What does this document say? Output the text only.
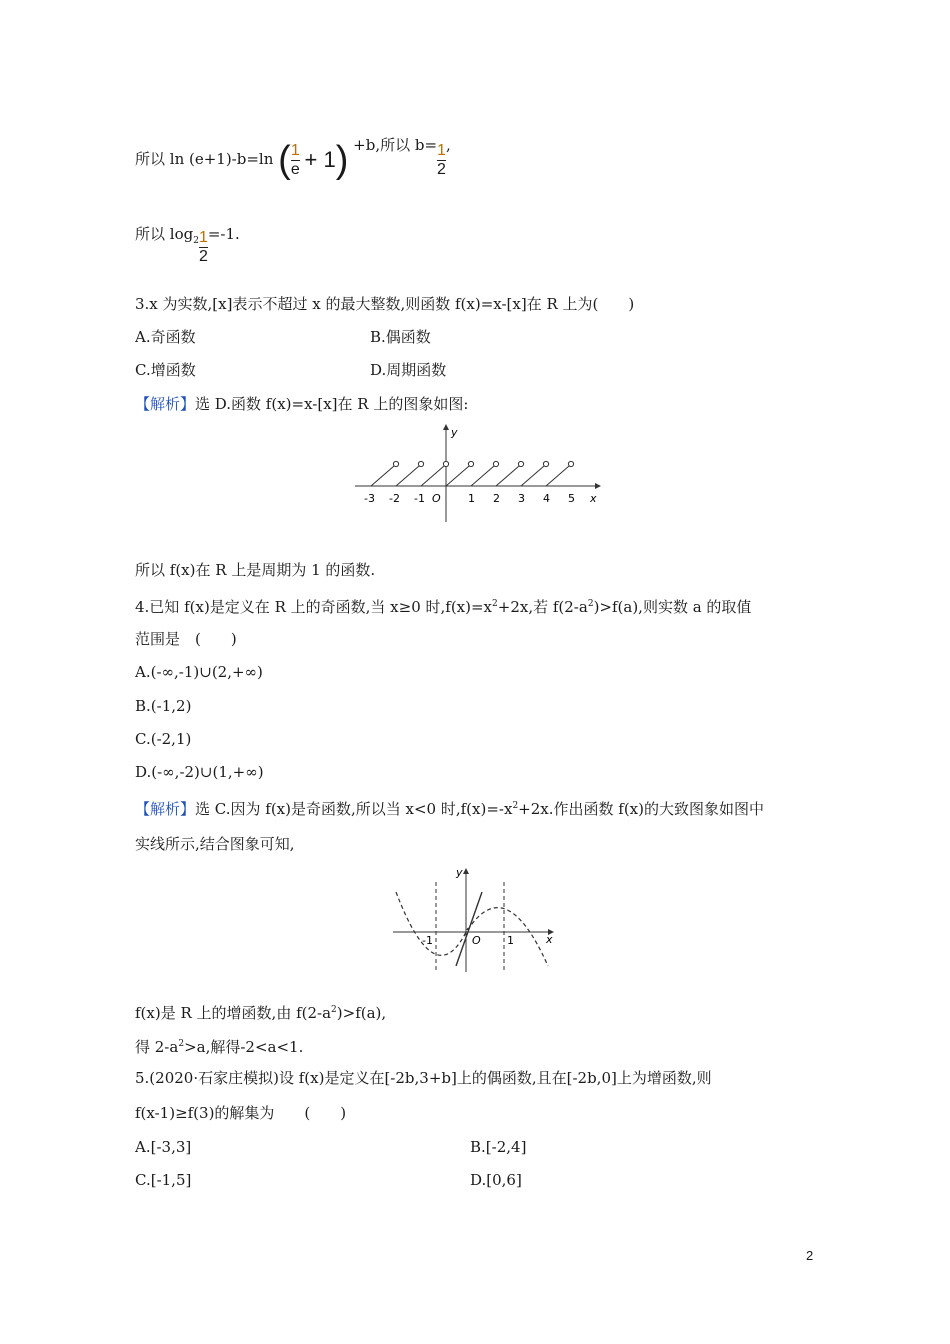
所以 ln (e+1)-b=ln ( $\frac{1}{e} + 1) +b$,所以 $b= \frac{1}{2}$ ,
所以 $\log_2 \frac{1}{2} =-1$.
3.x 为实数,[x]表示不超过 x 的最大整数,则函数 f(x)=x-[x]在 R 上为(　　)
A.奇函数	B.偶函数
C.增函数	D.周期函数
【解析】选 D.函数 f(x)=x-[x]在 R 上的图象如图:
y
x
O
-3 -2 -1	1 2 3 4 5
所以 f(x)在 R 上是周期为 1 的函数.
4.已知 f(x)是定义在 R 上的奇函数,当 x≥0 时$,f(x)=x^2+2x$,若 $f(2-a^2)>f(a)$,则实数 a 的取值
范围是　(　　)
A.(-∞,-1)∪(2,+∞)
B.(-1,2)
C.(-2,1)
D.(-∞,-2)∪(1,+∞)
【解析】选 C.因为 f(x)是奇函数,所以当 x<0 时$,f(x)=-x^2+2x$.作出函数 f(x)的大致图象如图中
实线所示,结合图象可知,
y
x
O
-1	1
f(x)是 R 上的增函数,由 $f(2-a^2)>f(a)$,
得 $2-a^2>a$,解得-2<a<1.
5.(2020·石家庄模拟)设 f(x)是定义在[-2b,3+b]上的偶函数,且在[-2b,0]上为增函数,则
f(x-1)≥f(3)的解集为　　(　　)
A.[-3,3]	B.[-2,4]
C.[-1,5]	D.[0,6]
2
